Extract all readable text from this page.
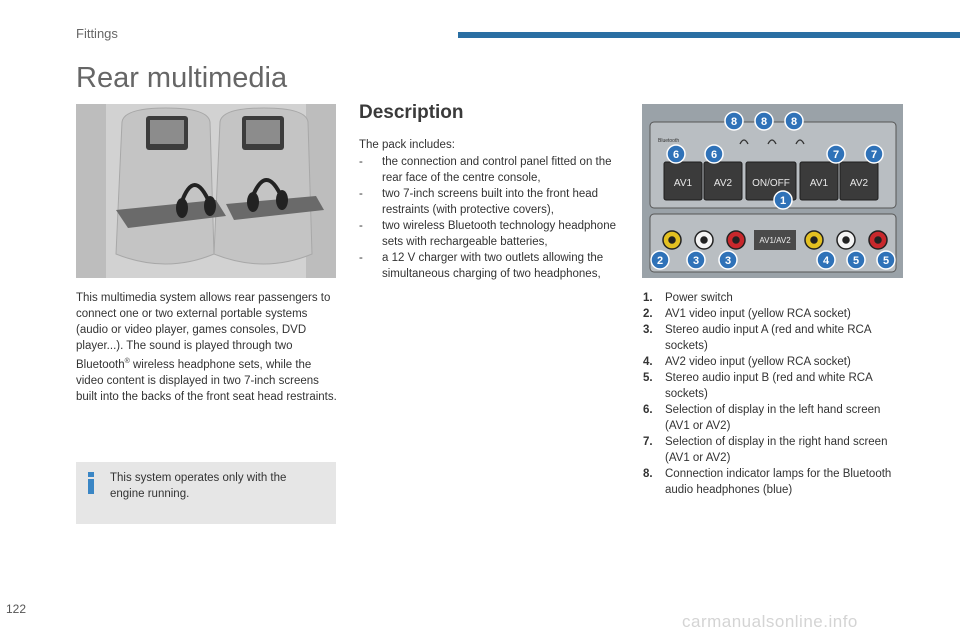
Fittings
Rear multimedia

This multimedia system allows rear passengers to connect one or two external portable systems (audio or video player, games consoles, DVD player...). The sound is played through two Bluetooth® wireless headphone sets, while the video content is displayed in two 7-inch screens built into the backs of the front seat head restraints.

This system operates only with the engine running.
Description
The pack includes:
- the connection and control panel fitted on the rear face of the centre console,
- two 7-inch screens built into the front head restraints (with protective covers),
- two wireless Bluetooth technology headphone sets with rechargeable batteries,
- a 12 V charger with two outlets allowing the simultaneous charging of two headphones,
Bluetooth
AV1 AV2 ON/OFF AV1 AV2
AV1/AV2
8 8 8
6	6	7	7
1
2	3 3	4 5 5
1. Power switch
2. AV1 video input (yellow RCA socket)
3. Stereo audio input A (red and white RCA sockets)
4. AV2 video input (yellow RCA socket)
5. Stereo audio input B (red and white RCA sockets)
6. Selection of display in the left hand screen (AV1 or AV2)
7. Selection of display in the right hand screen (AV1 or AV2)
8. Connection indicator lamps for the Bluetooth audio headphones (blue)
122
carmanualsonline.info
